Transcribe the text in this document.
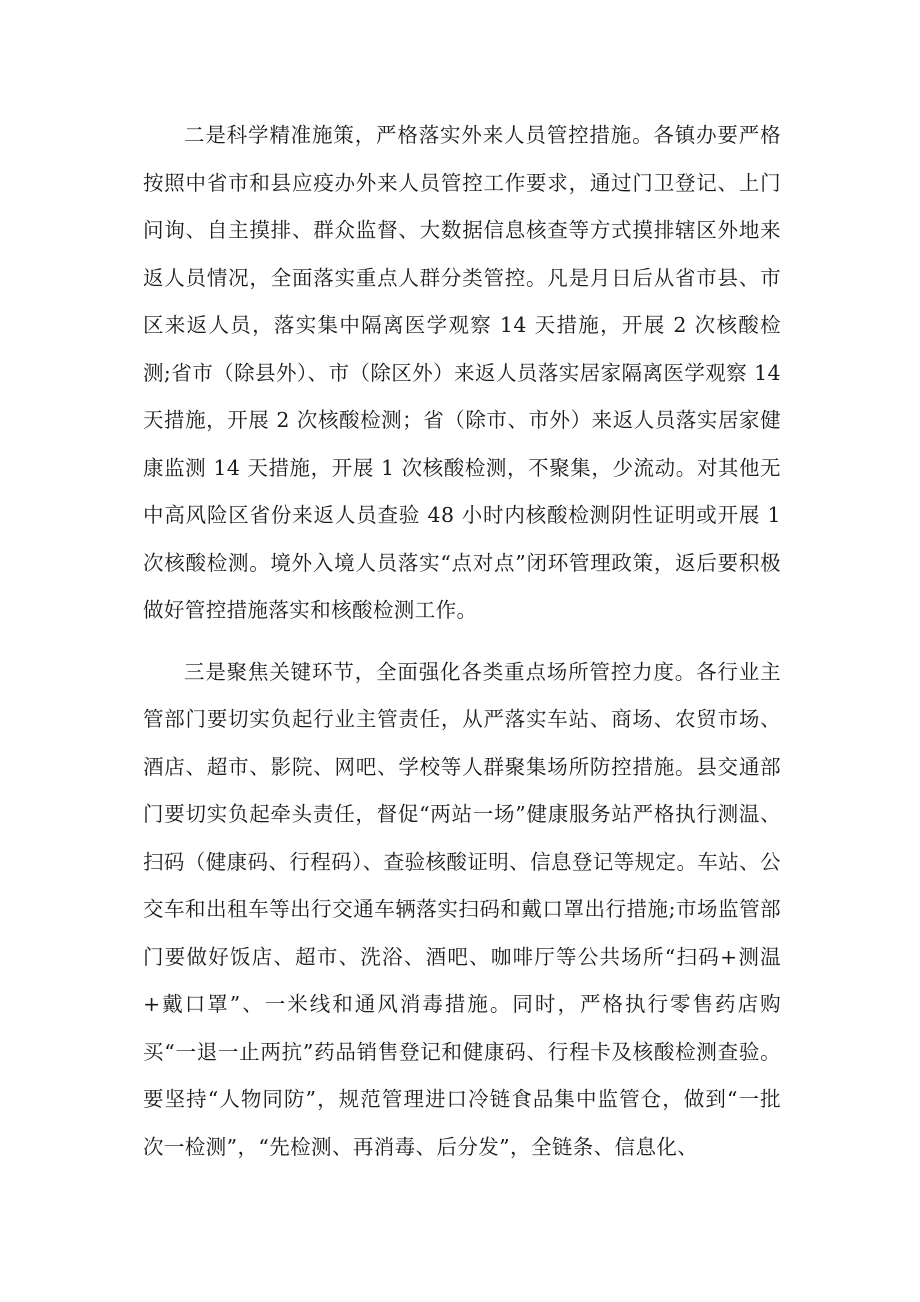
二是科学精准施策，严格落实外来人员管控措施。各镇办要严格按照中省市和县应疫办外来人员管控工作要求，通过门卫登记、上门问询、自主摸排、群众监督、大数据信息核查等方式摸排辖区外地来返人员情况，全面落实重点人群分类管控。凡是月日后从省市县、市区来返人员，落实集中隔离医学观察 14 天措施，开展 2 次核酸检测;省市（除县外）、市（除区外）来返人员落实居家隔离医学观察 14 天措施，开展 2 次核酸检测；省（除市、市外）来返人员落实居家健康监测 14 天措施，开展 1 次核酸检测，不聚集，少流动。对其他无中高风险区省份来返人员查验 48 小时内核酸检测阴性证明或开展 1 次核酸检测。境外入境人员落实“点对点”闭环管理政策，返后要积极做好管控措施落实和核酸检测工作。

三是聚焦关键环节，全面强化各类重点场所管控力度。各行业主管部门要切实负起行业主管责任，从严落实车站、商场、农贸市场、酒店、超市、影院、网吧、学校等人群聚集场所防控措施。县交通部门要切实负起牵头责任，督促“两站一场”健康服务站严格执行测温、扫码（健康码、行程码）、查验核酸证明、信息登记等规定。车站、公交车和出租车等出行交通车辆落实扫码和戴口罩出行措施;市场监管部门要做好饭店、超市、洗浴、酒吧、咖啡厅等公共场所“扫码+测温+戴口罩”、一米线和通风消毒措施。同时，严格执行零售药店购买“一退一止两抗”药品销售登记和健康码、行程卡及核酸检测查验。要坚持“人物同防”，规范管理进口冷链食品集中监管仓，做到“一批次一检测”，“先检测、再消毒、后分发”，全链条、信息化、
